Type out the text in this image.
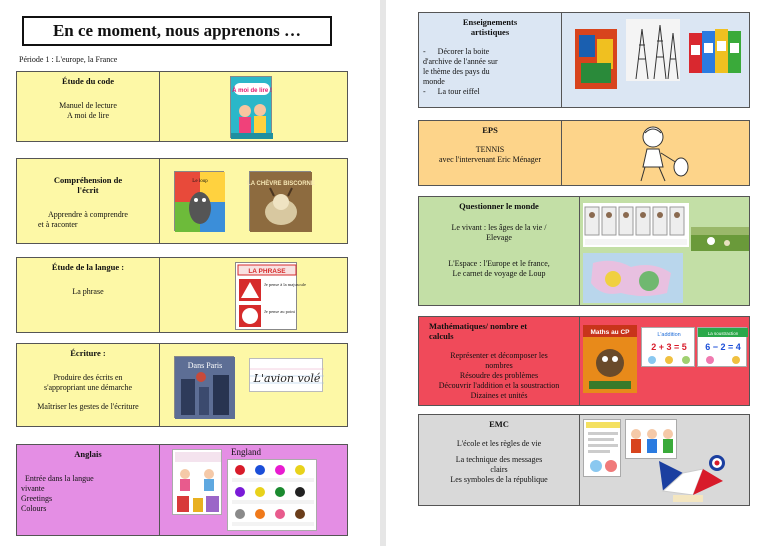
En ce moment, nous apprenons …
Période 1 : L'europe, la France
Étude du code

Manuel de lecture

A moi de lire

À moi de lire !
Compréhension de
l'écrit

Apprendre à comprendre

et à raconter

Le loup	LA CHÈVRE BISCORNE
Étude de la langue :

La phrase

LA PHRASE
Je pense à la majuscule
Je pense au point
Écriture :

Produire des écrits en

s'appropriant une démarche

Maîtriser les gestes de l'écriture

Dans Paris
L'avion volé
Anglais

Entrée dans la langue

vivante

Greetings

Colours

England
Enseignements
artistiques

- Décorer la boite

d'archive de l'année sur

le thème des pays du

monde

- La tour eiffel

EPS

TENNIS

avec l'intervenant Eric Ménager

Questionner le monde

Le vivant : les âges de la vie /

Elevage

L'Espace : l'Europe et le france,

Le carnet de voyage de Loup

Mathématiques/ nombre et
calculs

Représenter et décomposer les

nombres

Résoudre des problèmes

Découvrir l'addition et la soustraction

Dizaines et unités

Maths au CP	L'addition
2 + 3 = 5
La soustraction
6 − 2 = 4
EMC

L'école et les règles de vie

La technique des messages

clairs

Les symboles de la république
